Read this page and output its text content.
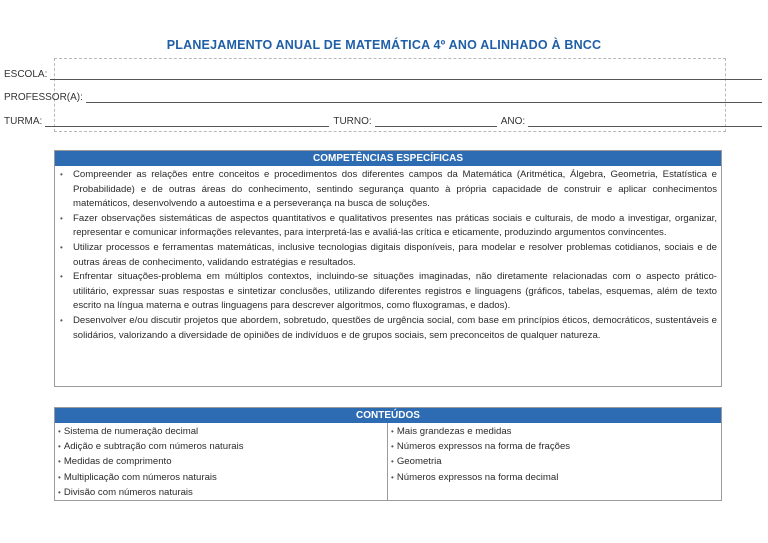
PLANEJAMENTO ANUAL DE MATEMÁTICA 4º ANO ALINHADO À BNCC
ESCOLA:
PROFESSOR(A):
TURMA:	TURNO:	ANO:
COMPETÊNCIAS ESPECÍFICAS
• Compreender as relações entre conceitos e procedimentos dos diferentes campos da Matemática (Aritmética, Álgebra, Geometria, Estatística e Probabilidade) e de outras áreas do conhecimento, sentindo segurança quanto à própria capacidade de construir e aplicar conhecimentos matemáticos, desenvolvendo a autoestima e a perseverança na busca de soluções.
• Fazer observações sistemáticas de aspectos quantitativos e qualitativos presentes nas práticas sociais e culturais, de modo a investigar, organizar, representar e comunicar informações relevantes, para interpretá-las e avaliá-las crítica e eticamente, produzindo argumentos convincentes.
• Utilizar processos e ferramentas matemáticas, inclusive tecnologias digitais disponíveis, para modelar e resolver problemas cotidianos, sociais e de outras áreas de conhecimento, validando estratégias e resultados.
• Enfrentar situações-problema em múltiplos contextos, incluindo-se situações imaginadas, não diretamente relacionadas com o aspecto prático-utilitário, expressar suas respostas e sintetizar conclusões, utilizando diferentes registros e linguagens (gráficos, tabelas, esquemas, além de texto escrito na língua materna e outras linguagens para descrever algoritmos, como fluxogramas, e dados).
• Desenvolver e/ou discutir projetos que abordem, sobretudo, questões de urgência social, com base em princípios éticos, democráticos, sustentáveis e solidários, valorizando a diversidade de opiniões de indivíduos e de grupos sociais, sem preconceitos de qualquer natureza.
CONTEÚDOS
• Sistema de numeração decimal
• Adição e subtração com números naturais
• Medidas de comprimento
• Multiplicação com números naturais
• Divisão com números naturais
• Mais grandezas e medidas
• Números expressos na forma de frações
• Geometria
• Números expressos na forma decimal
